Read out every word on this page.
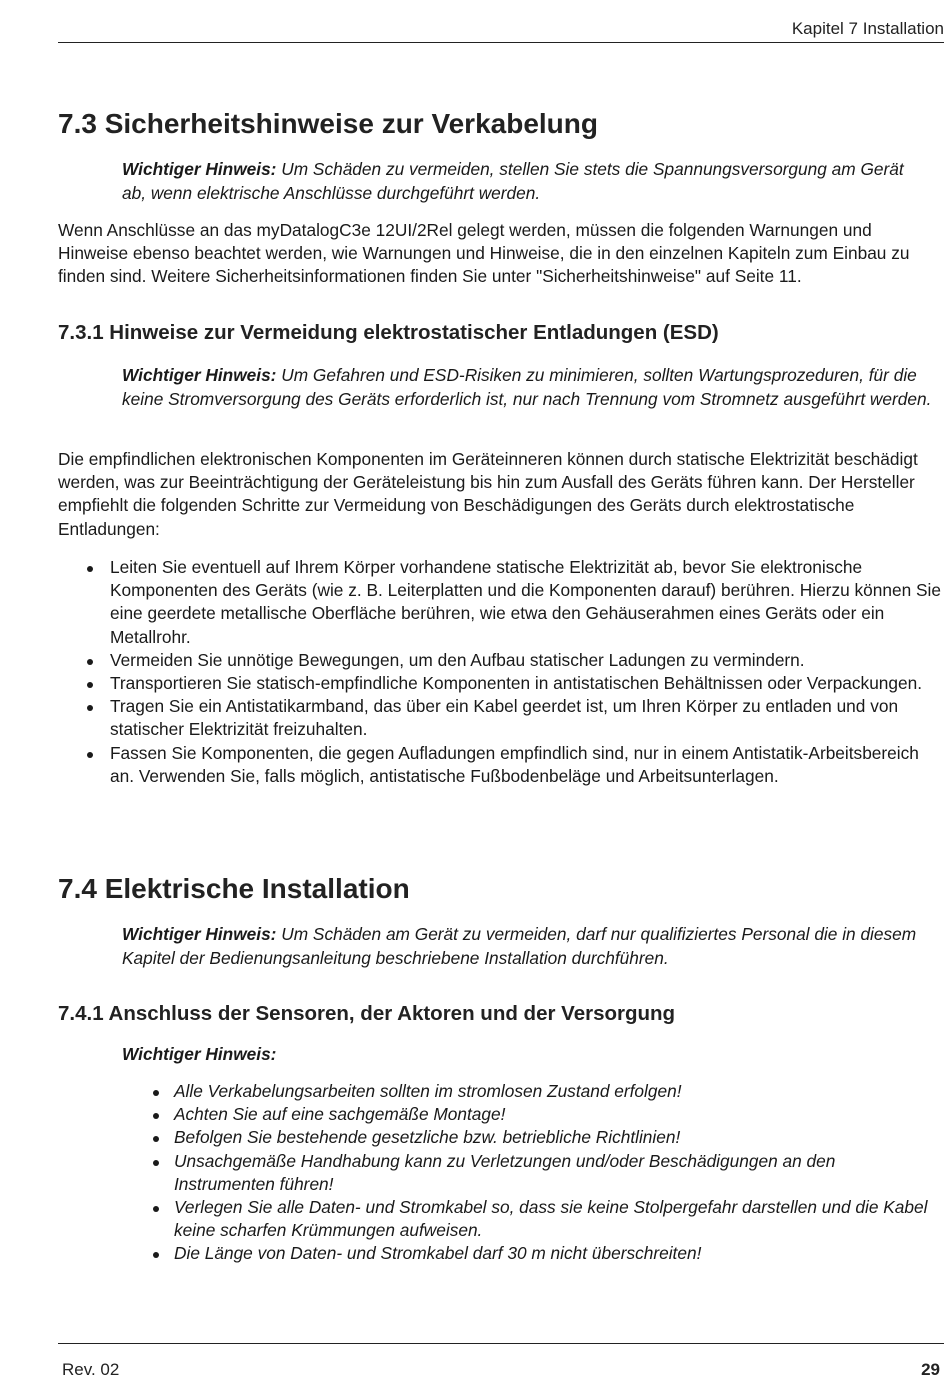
Kapitel 7 Installation
7.3 Sicherheitshinweise zur Verkabelung
Wichtiger Hinweis: Um Schäden zu vermeiden, stellen Sie stets die Spannungsversorgung am Gerät ab, wenn elektrische Anschlüsse durchgeführt werden.
Wenn Anschlüsse an das myDatalogC3e 12UI/2Rel gelegt werden, müssen die folgenden Warnungen und Hinweise ebenso beachtet werden, wie Warnungen und Hinweise, die in den einzelnen Kapiteln zum Einbau zu finden sind. Weitere Sicherheitsinformationen finden Sie unter "Sicherheitshinweise" auf Seite 11.
7.3.1 Hinweise zur Vermeidung elektrostatischer Entladungen (ESD)
Wichtiger Hinweis: Um Gefahren und ESD-Risiken zu minimieren, sollten Wartungsprozeduren, für die keine Stromversorgung des Geräts erforderlich ist, nur nach Trennung vom Stromnetz ausgeführt werden.
Die empfindlichen elektronischen Komponenten im Geräteinneren können durch statische Elektrizität beschädigt werden, was zur Beeinträchtigung der Geräteleistung bis hin zum Ausfall des Geräts führen kann. Der Hersteller empfiehlt die folgenden Schritte zur Vermeidung von Beschädigungen des Geräts durch elektrostatische Entladungen:
Leiten Sie eventuell auf Ihrem Körper vorhandene statische Elektrizität ab, bevor Sie elektronische Komponenten des Geräts (wie z. B. Leiterplatten und die Komponenten darauf) berühren. Hierzu können Sie eine geerdete metallische Oberfläche berühren, wie etwa den Gehäuserahmen eines Geräts oder ein Metallrohr.
Vermeiden Sie unnötige Bewegungen, um den Aufbau statischer Ladungen zu vermindern.
Transportieren Sie statisch-empfindliche Komponenten in antistatischen Behältnissen oder Verpackungen.
Tragen Sie ein Antistatikarmband, das über ein Kabel geerdet ist, um Ihren Körper zu entladen und von statischer Elektrizität freizuhalten.
Fassen Sie Komponenten, die gegen Aufladungen empfindlich sind, nur in einem Antistatik-Arbeitsbereich an. Verwenden Sie, falls möglich, antistatische Fußbodenbeläge und Arbeitsunterlagen.
7.4 Elektrische Installation
Wichtiger Hinweis: Um Schäden am Gerät zu vermeiden, darf nur qualifiziertes Personal die in diesem Kapitel der Bedienungsanleitung beschriebene Installation durchführen.
7.4.1 Anschluss der Sensoren, der Aktoren und der Versorgung
Wichtiger Hinweis:
Alle Verkabelungsarbeiten sollten im stromlosen Zustand erfolgen!
Achten Sie auf eine sachgemäße Montage!
Befolgen Sie bestehende gesetzliche bzw. betriebliche Richtlinien!
Unsachgemäße Handhabung kann zu Verletzungen und/oder Beschädigungen an den Instrumenten führen!
Verlegen Sie alle Daten- und Stromkabel so, dass sie keine Stolpergefahr darstellen und die Kabel keine scharfen Krümmungen aufweisen.
Die Länge von Daten- und Stromkabel darf 30 m nicht überschreiten!
Rev. 02	29
